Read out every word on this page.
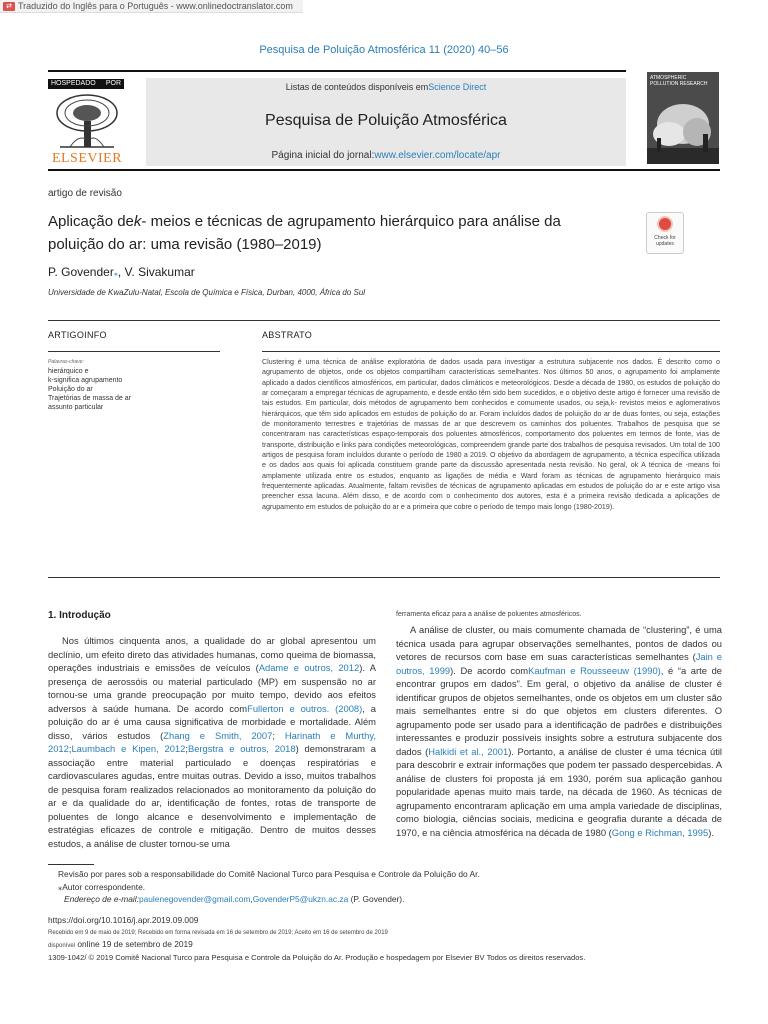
⇄ Traduzido do Inglês para o Português - www.onlinedoctranslator.com
Pesquisa de Poluição Atmosférica 11 (2020) 40–56
HOSPEDADO POR
ELSEVIER
Listas de conteúdos disponíveis emScience Direct
Pesquisa de Poluição Atmosférica
Página inicial do jornal:www.elsevier.com/locate/apr
ATMOSPHERIC POLLUTION RESEARCH
artigo de revisão
Aplicação dek- meios e técnicas de agrupamento hierárquico para análise da poluição do ar: uma revisão (1980–2019)	Check for updates
P. Govender⁎, V. Sivakumar
Universidade de KwaZulu-Natal, Escola de Química e Física, Durban, 4000, África do Sul
ARTIGOINFO	ABSTRATO
Palavras-chave:
hierárquico e
k-significa agrupamento
Poluição do ar
Trajetórias de massa de ar
assunto particular
Clustering é uma técnica de análise exploratória de dados usada para investigar a estrutura subjacente nos dados. É descrito como o agrupamento de objetos, onde os objetos compartilham características semelhantes. Nos últimos 50 anos, o agrupamento foi amplamente aplicado a dados científicos atmosféricos, em particular, dados climáticos e meteorológicos. Desde a década de 1980, os estudos de poluição do ar começaram a empregar técnicas de agrupamento, e desde então têm sido bem sucedidos, e o objetivo deste artigo é fornecer uma revisão de tais estudos. Em particular, dois métodos de agrupamento bem conhecidos e comumente usados, ou seja,k- revistos meios e aglomerativos hierárquicos, que têm sido aplicados em estudos de poluição do ar. Foram incluídos dados de poluição do ar de duas fontes, ou seja, estações de monitoramento terrestres e trajetórias de massas de ar que descrevem os caminhos dos poluentes. Trabalhos de pesquisa que se concentraram nas características espaço-temporais dos poluentes atmosféricos, comportamento dos poluentes em termos de fonte, vias de transporte, distribuição e links para condições meteorológicas, compreendem grande parte dos trabalhos de pesquisa revisados. Um total de 100 artigos de pesquisa foram incluídos durante o período de 1980 a 2019. O objetivo da abordagem de agrupamento, a técnica específica utilizada e os dados aos quais foi aplicada constituem grande parte da discussão apresentada nesta revisão. No geral, ok A técnica de -means foi amplamente utilizada entre os estudos, enquanto as ligações de média e Ward foram as técnicas de agrupamento hierárquico mais frequentemente aplicadas. Atualmente, faltam revisões de técnicas de agrupamento aplicadas em estudos de poluição do ar e este artigo visa preencher essa lacuna. Além disso, e de acordo com o conhecimento dos autores, esta é a primeira revisão dedicada a aplicações de agrupamento em estudos de poluição do ar e a primeira que cobre o período de tempo mais longo (1980-2019).
1. Introdução
Nos últimos cinquenta anos, a qualidade do ar global apresentou um declínio, um efeito direto das atividades humanas, como queima de biomassa, operações industriais e emissões de veículos (Adame e outros, 2012). A presença de aerossóis ou material particulado (MP) em suspensão no ar tornou-se uma grande preocupação por muito tempo, devido aos efeitos adversos à saúde humana. De acordo comFullerton e outros. (2008), a poluição do ar é uma causa significativa de morbidade e mortalidade. Além disso, vários estudos (Zhang e Smith, 2007; Harinath e Murthy, 2012;Laumbach e Kipen, 2012;Bergstra e outros, 2018) demonstraram a associação entre material particulado e doenças respiratórias e cardiovasculares agudas, entre muitas outras. Devido a isso, muitos trabalhos de pesquisa foram realizados relacionados ao monitoramento da poluição do ar e da qualidade do ar, identificação de fontes, rotas de transporte de poluentes de longo alcance e desenvolvimento e implementação de estratégias eficazes de controle e mitigação. Dentro de muitos desses estudos, a análise de cluster tornou-se uma
ferramenta eficaz para a análise de poluentes atmosféricos.
A análise de cluster, ou mais comumente chamada de “clustering”, é uma técnica usada para agrupar observações semelhantes, pontos de dados ou vetores de recursos com base em suas características semelhantes (Jain e outros, 1999). De acordo comKaufman e Rousseeuw (1990), é “a arte de encontrar grupos em dados”. Em geral, o objetivo da análise de cluster é identificar grupos de objetos semelhantes, onde os objetos em um cluster são mais semelhantes entre si do que objetos em clusters diferentes. O agrupamento pode ser usado para a identificação de padrões e distribuições interessantes e produzir possíveis insights sobre a estrutura subjacente dos dados (Halkidi et al., 2001). Portanto, a análise de cluster é uma técnica útil para descobrir e extrair informações que podem ter passado despercebidas. A análise de clusters foi proposta já em 1930, porém sua aplicação ganhou popularidade apenas muito mais tarde, na década de 1960. As técnicas de agrupamento encontraram aplicação em uma ampla variedade de disciplinas, como biologia, ciências sociais, medicina e geografia durante a década de 1970, e na ciência atmosférica na década de 1980 (Gong e Richman, 1995).
Revisão por pares sob a responsabilidade do Comitê Nacional Turco para Pesquisa e Controle da Poluição do Ar.
⁎Autor correspondente.
Endereço de e-mail:paulenegovender@gmail.com,GovenderP5@ukzn.ac.za (P. Govender).
https://doi.org/10.1016/j.apr.2019.09.009
Recebido em 9 de maio de 2019; Recebido em forma revisada em 16 de setembro de 2019; Aceito em 16 de setembro de 2019
disponível online 19 de setembro de 2019
1309-1042/ © 2019 Comitê Nacional Turco para Pesquisa e Controle da Poluição do Ar. Produção e hospedagem por Elsevier BV Todos os direitos reservados.
